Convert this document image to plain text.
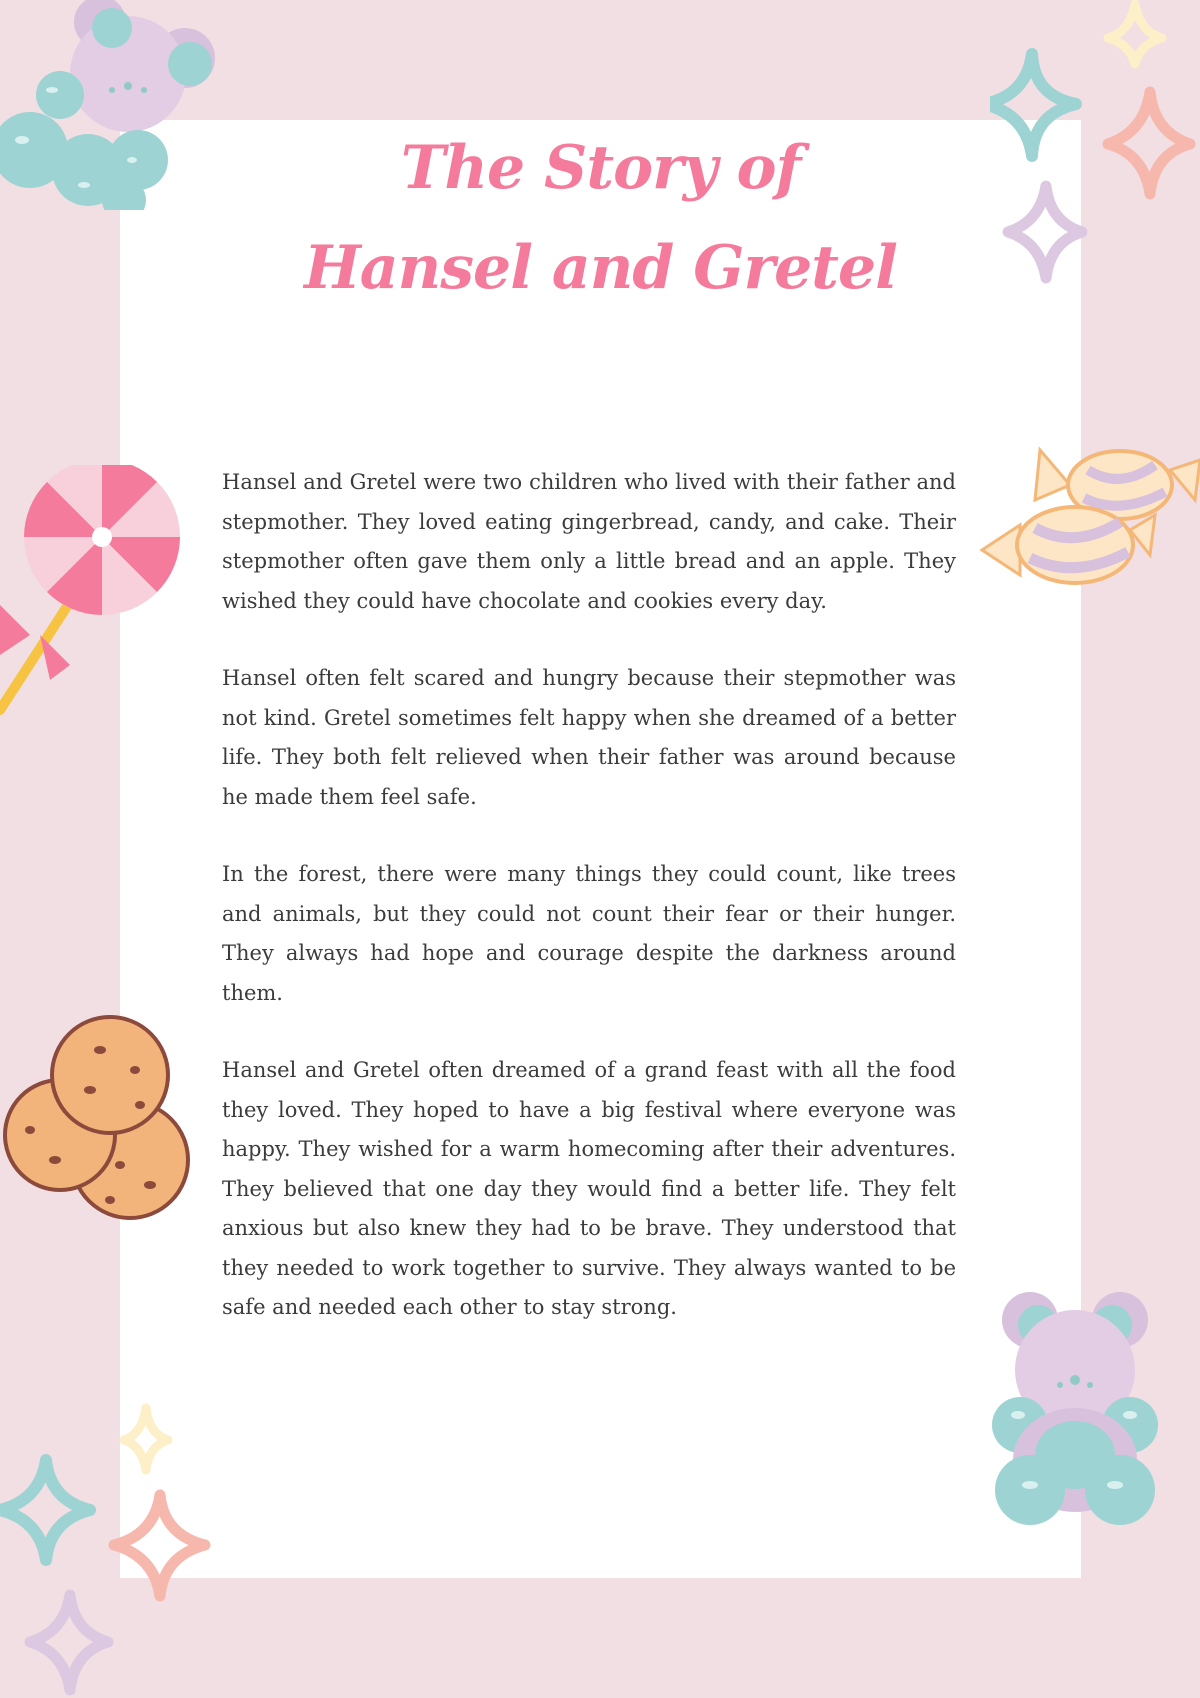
The Story of
Hansel and Gretel

Hansel and Gretel were two children who lived with their father and stepmother. They loved eating gingerbread, candy, and cake. Their stepmother often gave them only a little bread and an apple. They wished they could have chocolate and cookies every day.

Hansel often felt scared and hungry because their stepmother was not kind. Gretel sometimes felt happy when she dreamed of a better life. They both felt relieved when their father was around because he made them feel safe.

In the forest, there were many things they could count, like trees and animals, but they could not count their fear or their hunger. They always had hope and courage despite the darkness around them.

Hansel and Gretel often dreamed of a grand feast with all the food they loved. They hoped to have a big festival where everyone was happy. They wished for a warm homecoming after their adventures. They believed that one day they would find a better life. They felt anxious but also knew they had to be brave. They understood that they needed to work together to survive. They always wanted to be safe and needed each other to stay strong.
